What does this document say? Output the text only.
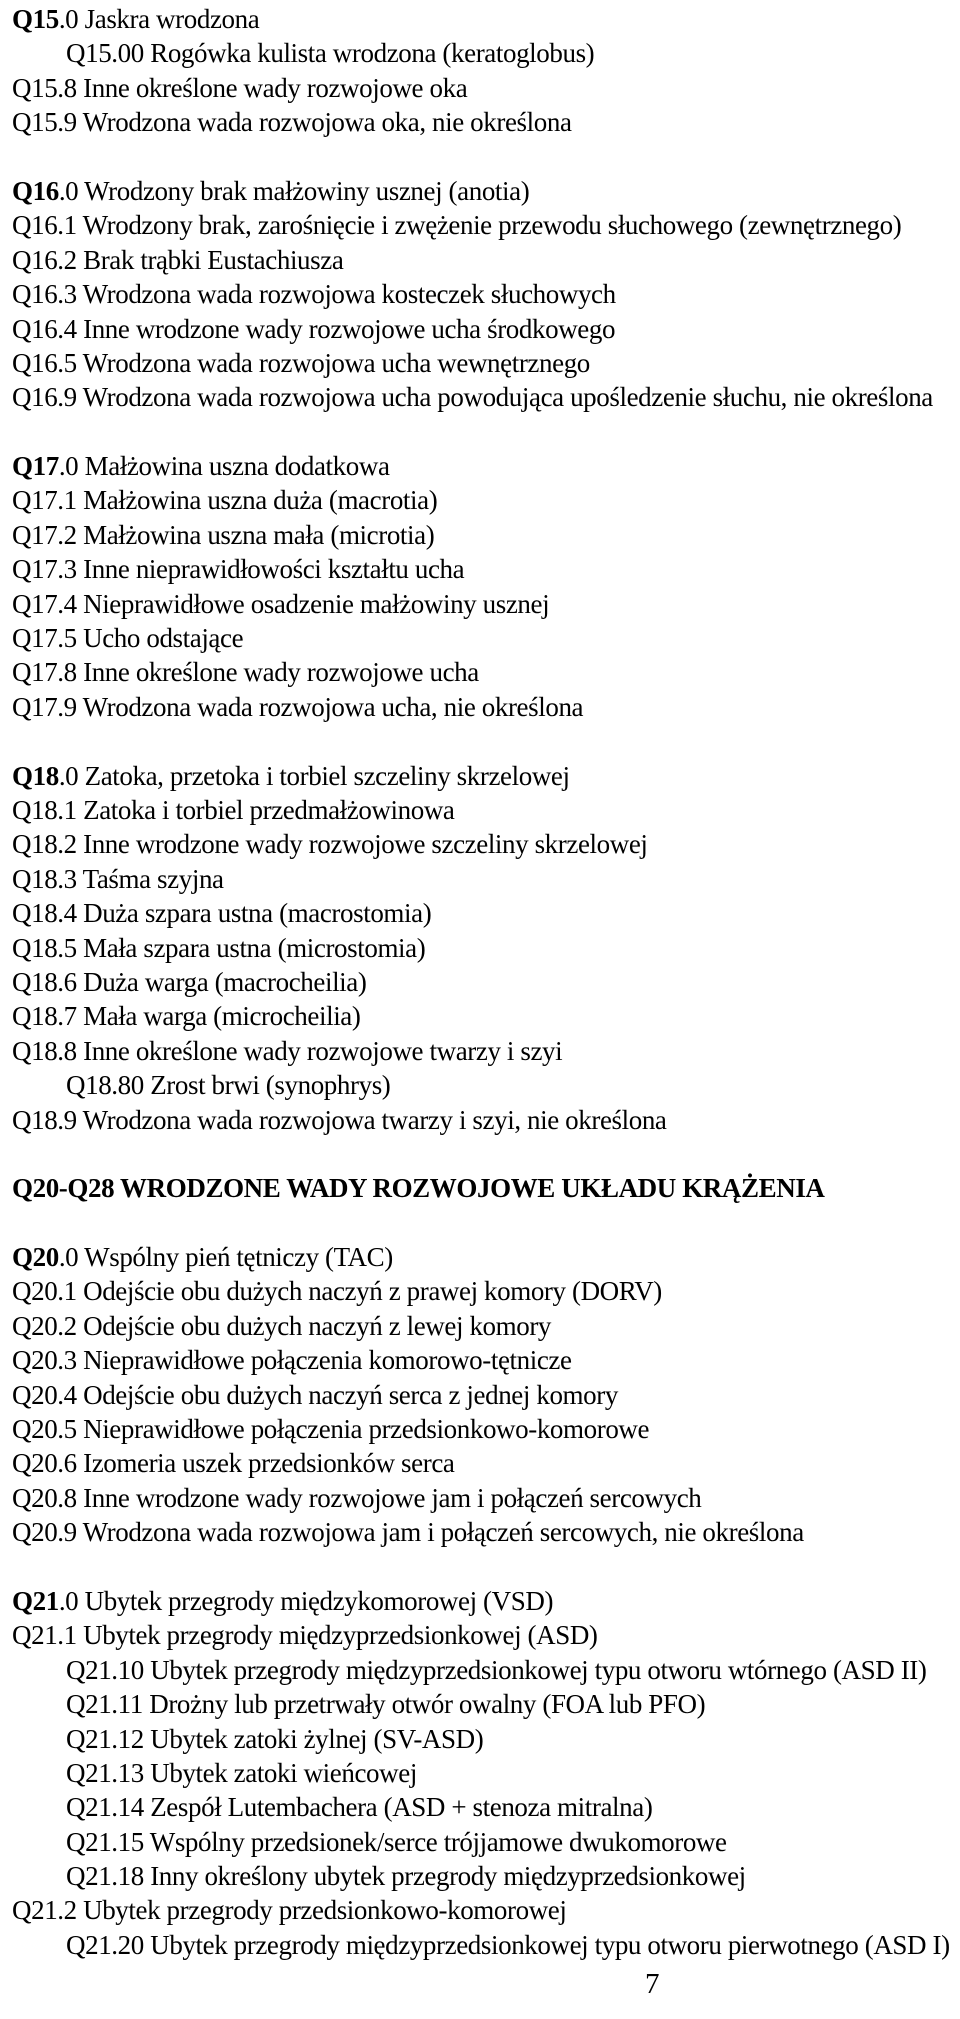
Q15.0 Jaskra wrodzona
Q15.00 Rogówka kulista wrodzona (keratoglobus)
Q15.8 Inne określone wady rozwojowe oka
Q15.9 Wrodzona wada rozwojowa oka, nie określona
Q16.0 Wrodzony brak małżowiny usznej (anotia)
Q16.1 Wrodzony brak, zarośnięcie i zwężenie przewodu słuchowego (zewnętrznego)
Q16.2 Brak trąbki Eustachiusza
Q16.3 Wrodzona wada rozwojowa kosteczek słuchowych
Q16.4 Inne wrodzone wady rozwojowe ucha środkowego
Q16.5 Wrodzona wada rozwojowa ucha wewnętrznego
Q16.9 Wrodzona wada rozwojowa ucha powodująca upośledzenie słuchu, nie określona
Q17.0 Małżowina uszna dodatkowa
Q17.1 Małżowina uszna duża (macrotia)
Q17.2 Małżowina uszna mała (microtia)
Q17.3 Inne nieprawidłowości kształtu ucha
Q17.4 Nieprawidłowe osadzenie małżowiny usznej
Q17.5 Ucho odstające
Q17.8 Inne określone wady rozwojowe ucha
Q17.9 Wrodzona wada rozwojowa ucha, nie określona
Q18.0 Zatoka, przetoka i torbiel szczeliny skrzelowej
Q18.1 Zatoka i torbiel przedmałżowinowa
Q18.2 Inne wrodzone wady rozwojowe szczeliny skrzelowej
Q18.3 Taśma szyjna
Q18.4 Duża szpara ustna (macrostomia)
Q18.5 Mała szpara ustna (microstomia)
Q18.6 Duża warga (macrocheilia)
Q18.7 Mała warga (microcheilia)
Q18.8 Inne określone wady rozwojowe twarzy i szyi
Q18.80 Zrost brwi (synophrys)
Q18.9 Wrodzona wada rozwojowa twarzy i szyi, nie określona
Q20-Q28 WRODZONE WADY ROZWOJOWE UKŁADU KRĄŻENIA
Q20.0 Wspólny pień tętniczy (TAC)
Q20.1 Odejście obu dużych naczyń z prawej komory (DORV)
Q20.2 Odejście obu dużych naczyń z lewej komory
Q20.3 Nieprawidłowe połączenia komorowo-tętnicze
Q20.4 Odejście obu dużych naczyń serca z jednej komory
Q20.5 Nieprawidłowe połączenia przedsionkowo-komorowe
Q20.6 Izomeria uszek przedsionków serca
Q20.8 Inne wrodzone wady rozwojowe jam i połączeń sercowych
Q20.9 Wrodzona wada rozwojowa jam i połączeń sercowych, nie określona
Q21.0 Ubytek przegrody międzykomorowej (VSD)
Q21.1 Ubytek przegrody międzyprzedsionkowej (ASD)
Q21.10 Ubytek przegrody międzyprzedsionkowej typu otworu wtórnego (ASD II)
Q21.11 Drożny lub przetrwały otwór owalny (FOA lub PFO)
Q21.12 Ubytek zatoki żylnej (SV-ASD)
Q21.13 Ubytek zatoki wieńcowej
Q21.14 Zespół Lutembachera (ASD + stenoza mitralna)
Q21.15 Wspólny przedsionek/serce trójjamowe dwukomorowe
Q21.18 Inny określony ubytek przegrody międzyprzedsionkowej
Q21.2 Ubytek przegrody przedsionkowo-komorowej
Q21.20 Ubytek przegrody międzyprzedsionkowej typu otworu pierwotnego (ASD I)
7
